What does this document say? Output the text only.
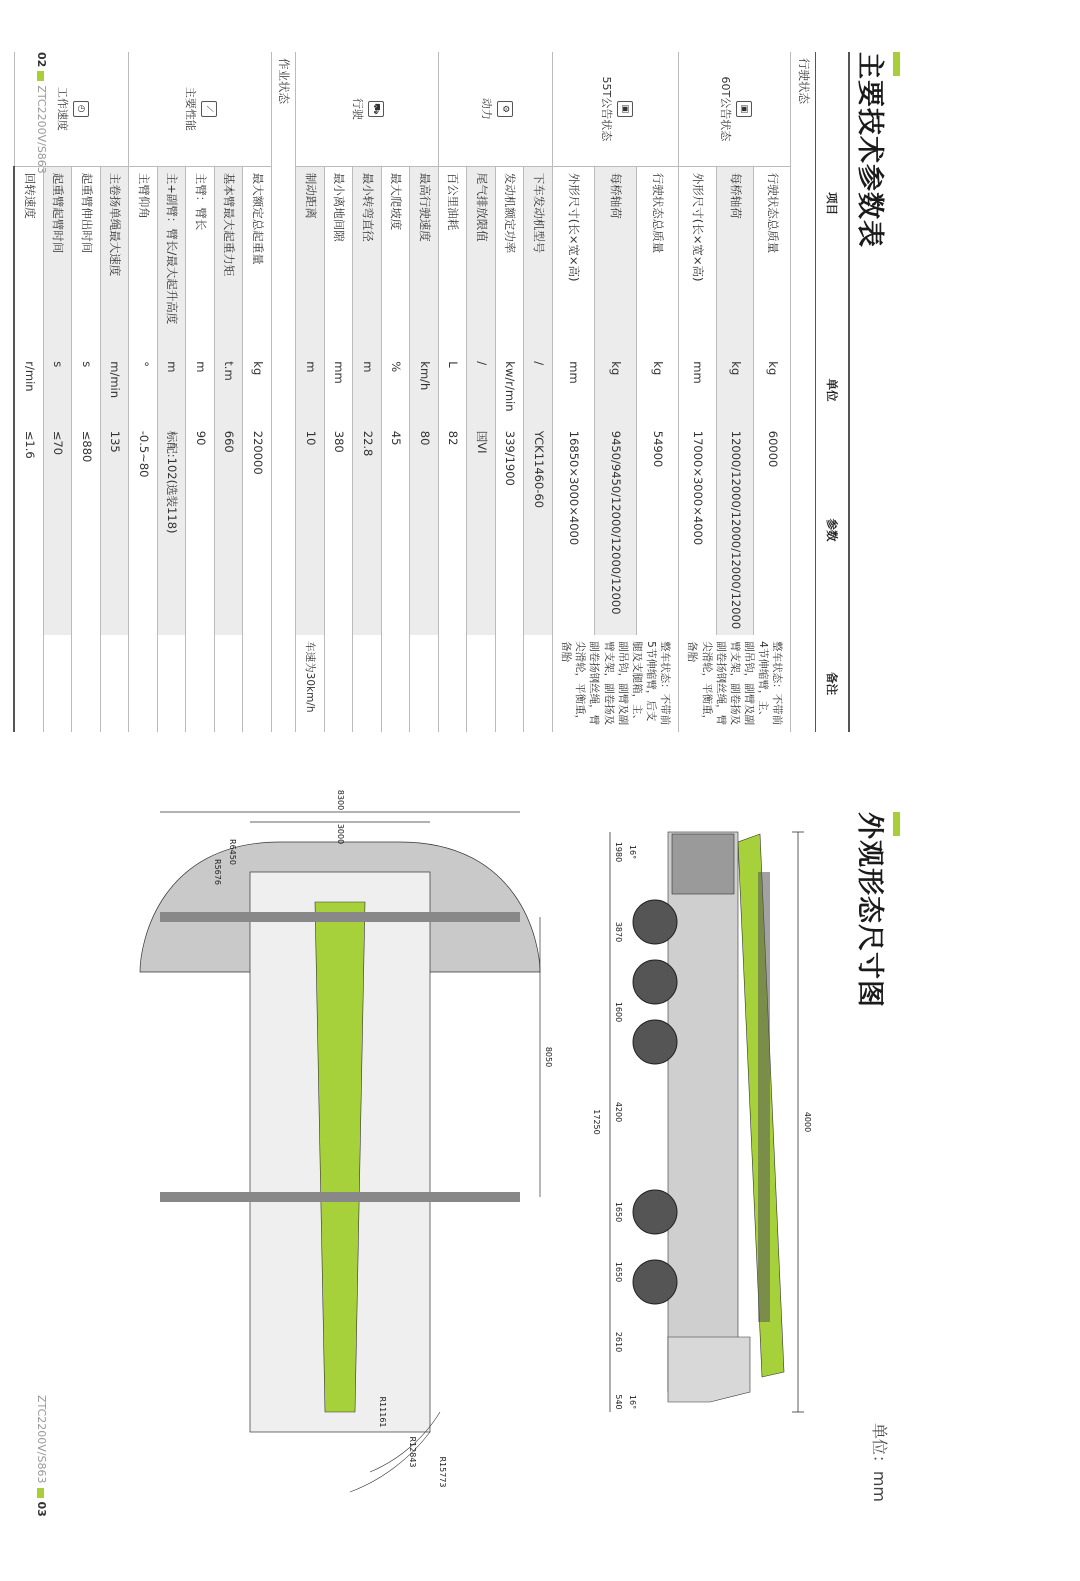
主要技术参数表
项目		单位	参数	备注
行驶状态				
▣
60T公告状态	行驶状态总质量	kg	60000	整车状态：不带前4节伸缩臂，主、副吊钩，副臂及副臂支架，副卷扬及副卷扬钢丝绳，臂尖滑轮，平衡重，备胎
	每桥轴荷	kg	12000/12000/12000/12000/12000	
	外形尺寸(长×宽×高)	mm	17000×3000×4000	
▣
55T公告状态	行驶状态总质量	kg	54900	整车状态：不带前5节伸缩臂，后支腿及支腿箱，主、副吊钩，副臂及副臂支架，副卷扬及副卷扬钢丝绳，臂尖滑轮，平衡重，备胎
	每桥轴荷	kg	9450/9450/12000/12000/12000	
	外形尺寸(长×宽×高)	mm	16850×3000×4000	
⚙
动力	下车发动机型号	/	YCK11460-60	
	发动机额定功率	kw/r/min	339/1900	
	尾气排放限值	/	国VI	
	百公里油耗	L	82	
⛟
行驶	最高行驶速度	km/h	80	
	最大爬坡度	%	45	
	最小转弯直径	m	22.8	
	最小离地间隙	mm	380	
	制动距离	m	10	车速为30km/h
作业状态				
⟋
主要性能	最大额定总起重量	kg	220000	
	基本臂最大起重力矩	t.m	660	
	主臂：臂长	m	90	
	主+副臂：臂长/最大起升高度	m	标配:102(选装118)	
	主臂仰角	°	-0.5~80	
◴
工作速度	主卷扬单绳最大速度	m/min	135	
	起重臂伸出时间	s	≤880	
	起重臂起臂时间	s	≤70	
	回转速度	r/min	≤1.6	
外观形态尺寸图
单位：mm
4000
1980
3870
1600
4200
1650
1650
2610
540
17250
16°
16°
R15773
R12843
R11161
R6450
R5676
8050
3000
8300
02ZTC2200V/S863
ZTC2200V/S86303
